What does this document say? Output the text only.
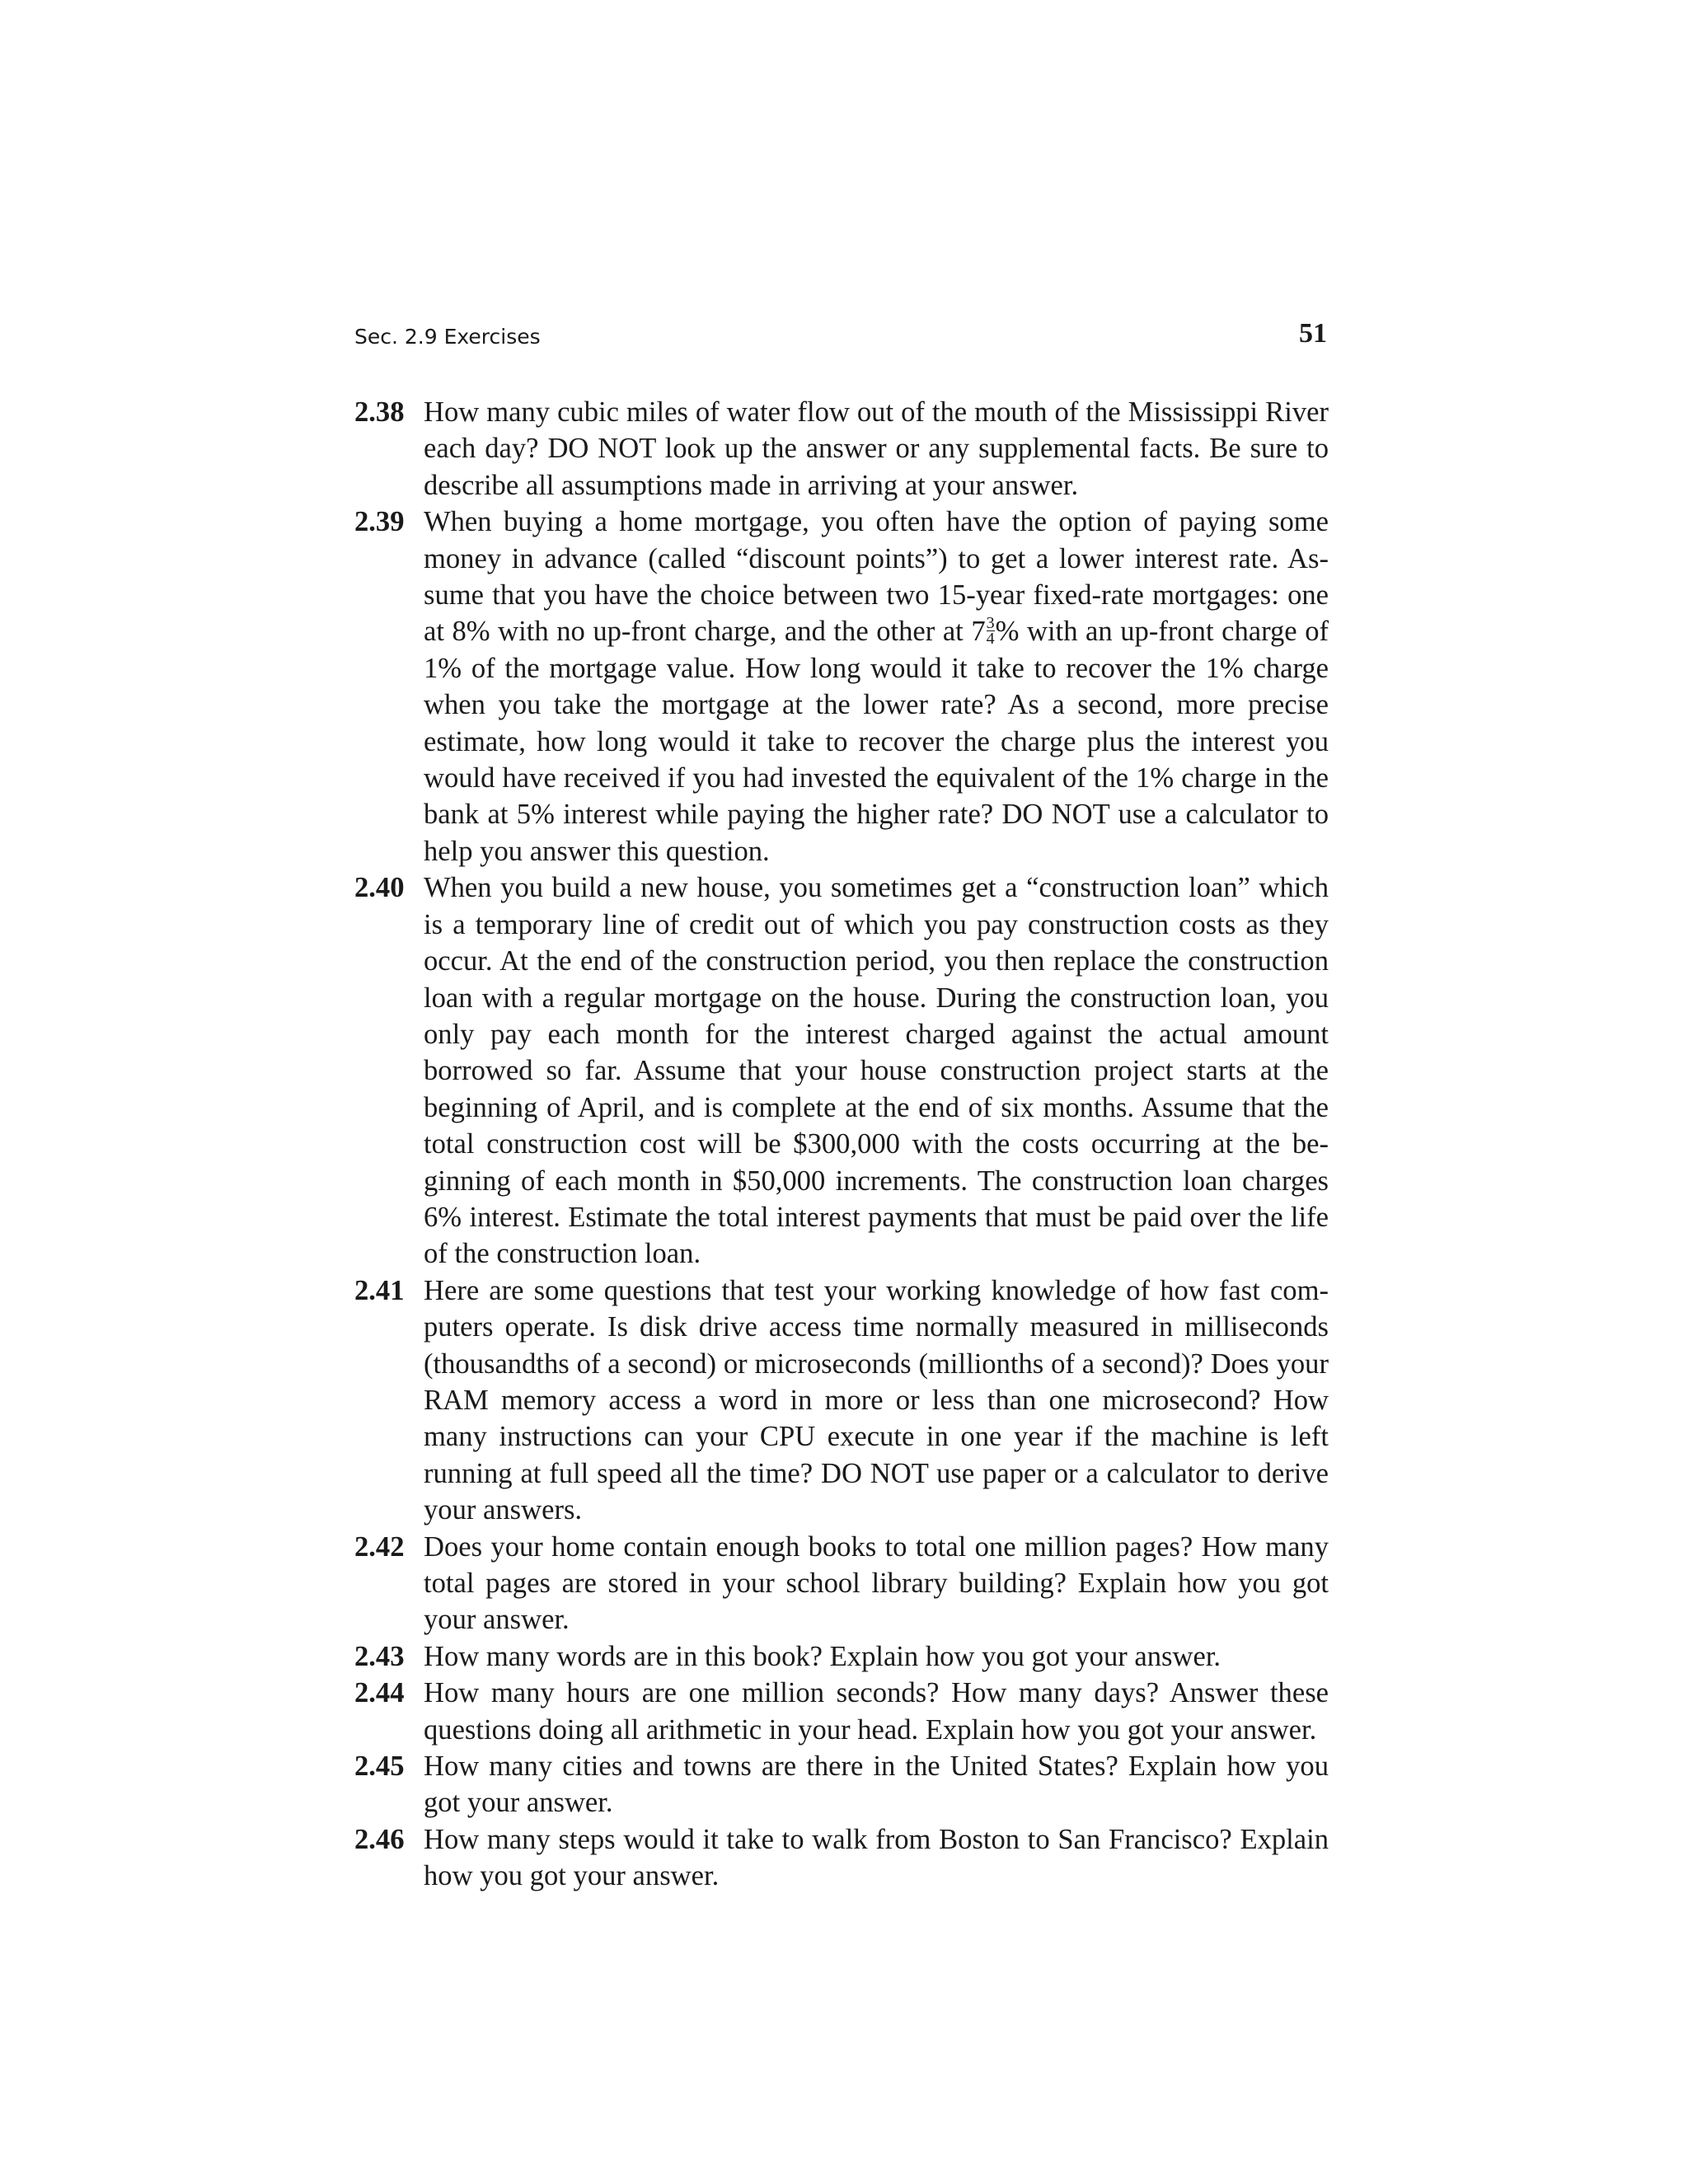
Sec. 2.9 Exercises	51
2.38 How many cubic miles of water flow out of the mouth of the Mississippi River each day? DO NOT look up the answer or any supplemental facts. Be sure to describe all assumptions made in arriving at your answer.
2.39 When buying a home mortgage, you often have the option of paying some money in advance (called “discount points”) to get a lower interest rate. Assume that you have the choice between two 15-year fixed-rate mortgages: one at 8% with no up-front charge, and the other at $7 \frac{3}{4}$ % with an up-front charge of 1% of the mortgage value. How long would it take to recover the 1% charge when you take the mortgage at the lower rate? As a second, more precise estimate, how long would it take to recover the charge plus the interest you would have received if you had invested the equivalent of the 1% charge in the bank at 5% interest while paying the higher rate? DO NOT use a calculator to help you answer this question.
2.40 When you build a new house, you sometimes get a “construction loan” which is a temporary line of credit out of which you pay construction costs as they occur. At the end of the construction period, you then replace the construction loan with a regular mortgage on the house. During the construction loan, you only pay each month for the interest charged against the actual amount borrowed so far. Assume that your house construction project starts at the beginning of April, and is complete at the end of six months. Assume that the total construction cost will be $300,000 with the costs occurring at the beginning of each month in $50,000 increments. The construction loan charges 6% interest. Estimate the total interest payments that must be paid over the life of the construction loan.
2.41 Here are some questions that test your working knowledge of how fast computers operate. Is disk drive access time normally measured in milliseconds (thousandths of a second) or microseconds (millionths of a second)? Does your RAM memory access a word in more or less than one microsecond? How many instructions can your CPU execute in one year if the machine is left running at full speed all the time? DO NOT use paper or a calculator to derive your answers.
2.42 Does your home contain enough books to total one million pages? How many total pages are stored in your school library building? Explain how you got your answer.
2.43 How many words are in this book? Explain how you got your answer.
2.44 How many hours are one million seconds? How many days? Answer these questions doing all arithmetic in your head. Explain how you got your answer.
2.45 How many cities and towns are there in the United States? Explain how you got your answer.
2.46 How many steps would it take to walk from Boston to San Francisco? Explain how you got your answer.
